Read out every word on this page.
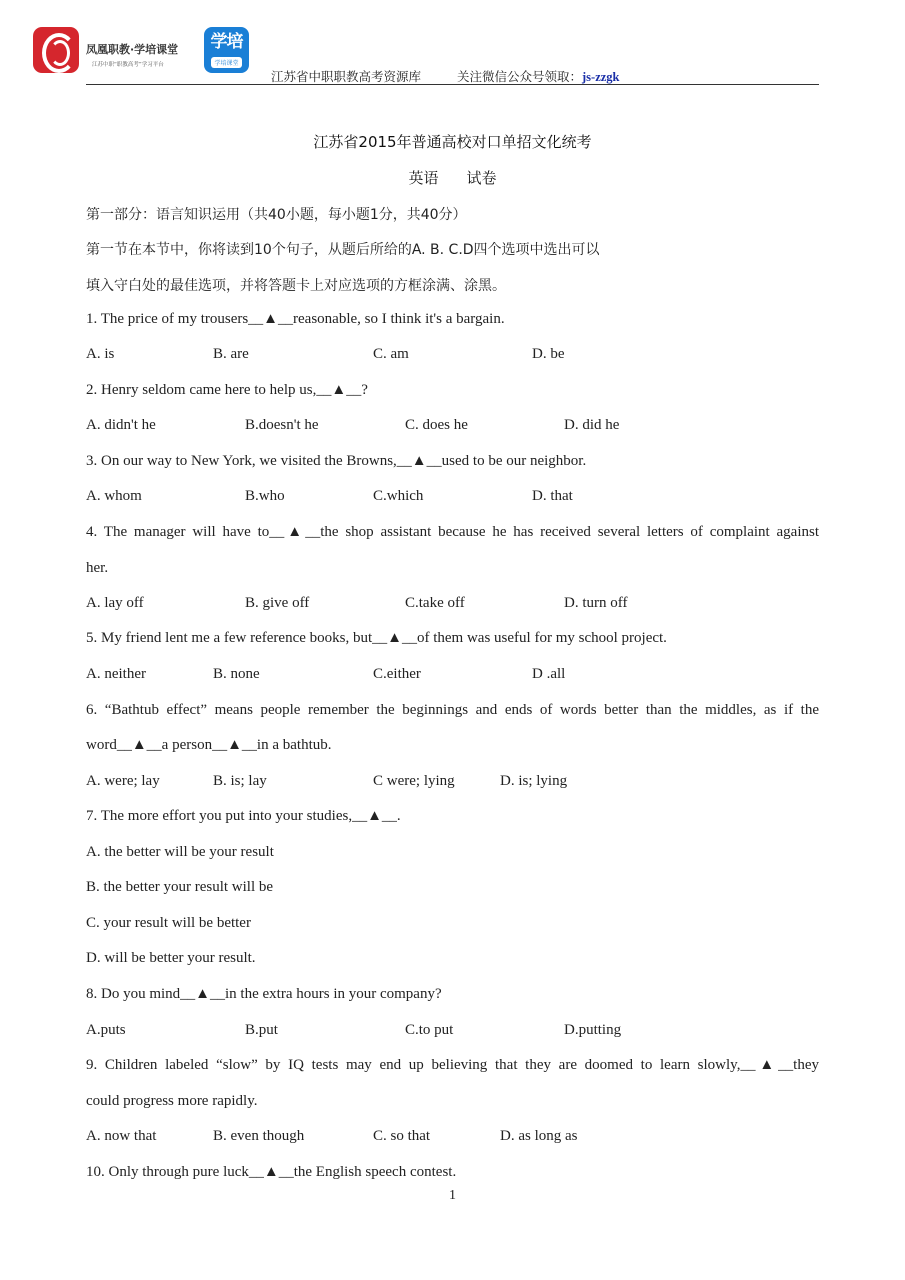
凤凰职教·学培课堂
江苏中职“职教高考”学习平台
学培
学培课堂
江苏省中职职教高考资源库	关注微信公众号领取：js-zzgk
江苏省2015年普通高校对口单招文化统考
英语 试卷
第一部分：语言知识运用（共40小题，每小题1分，共40分）
第一节在本节中，你将读到10个句子，从题后所给的A. B. C.D四个选项中选出可以
填入守白处的最佳选项，并将答题卡上对应选项的方框涂满、涂黑。
1. The price of my trousers__▲__reasonable, so I think it's a bargain.
A. is	B. are	C. am	D. be
2. Henry seldom came here to help us,__▲__?
A. didn't he	B.doesn't he	C. does he	D. did he
3. On our way to New York, we visited the Browns,__▲__used to be our neighbor.
A. whom	B.who	C.which	D. that
4. The manager will have to__▲__the shop assistant because he has received several letters of complaint against
her.
A. lay off	B. give off	C.take off	D. turn off
5. My friend lent me a few reference books, but__▲__of them was useful for my school project.
A. neither	B. none	C.either	D .all
6. “Bathtub effect” means people remember the beginnings and ends of words better than the middles, as if the
word__▲__a person__▲__in a bathtub.
A. were; lay	B. is; lay	C were; lying	D. is; lying
7. The more effort you put into your studies,__▲__.
A. the better will be your result
B. the better your result will be
C. your result will be better
D. will be better your result.
8. Do you mind__▲__in the extra hours in your company?
A.puts	B.put	C.to put	D.putting
9. Children labeled “slow” by IQ tests may end up believing that they are doomed to learn slowly,__▲__they
could progress more rapidly.
A. now that	B. even though	C. so that	D. as long as
10. Only through pure luck__▲__the English speech contest.
1
